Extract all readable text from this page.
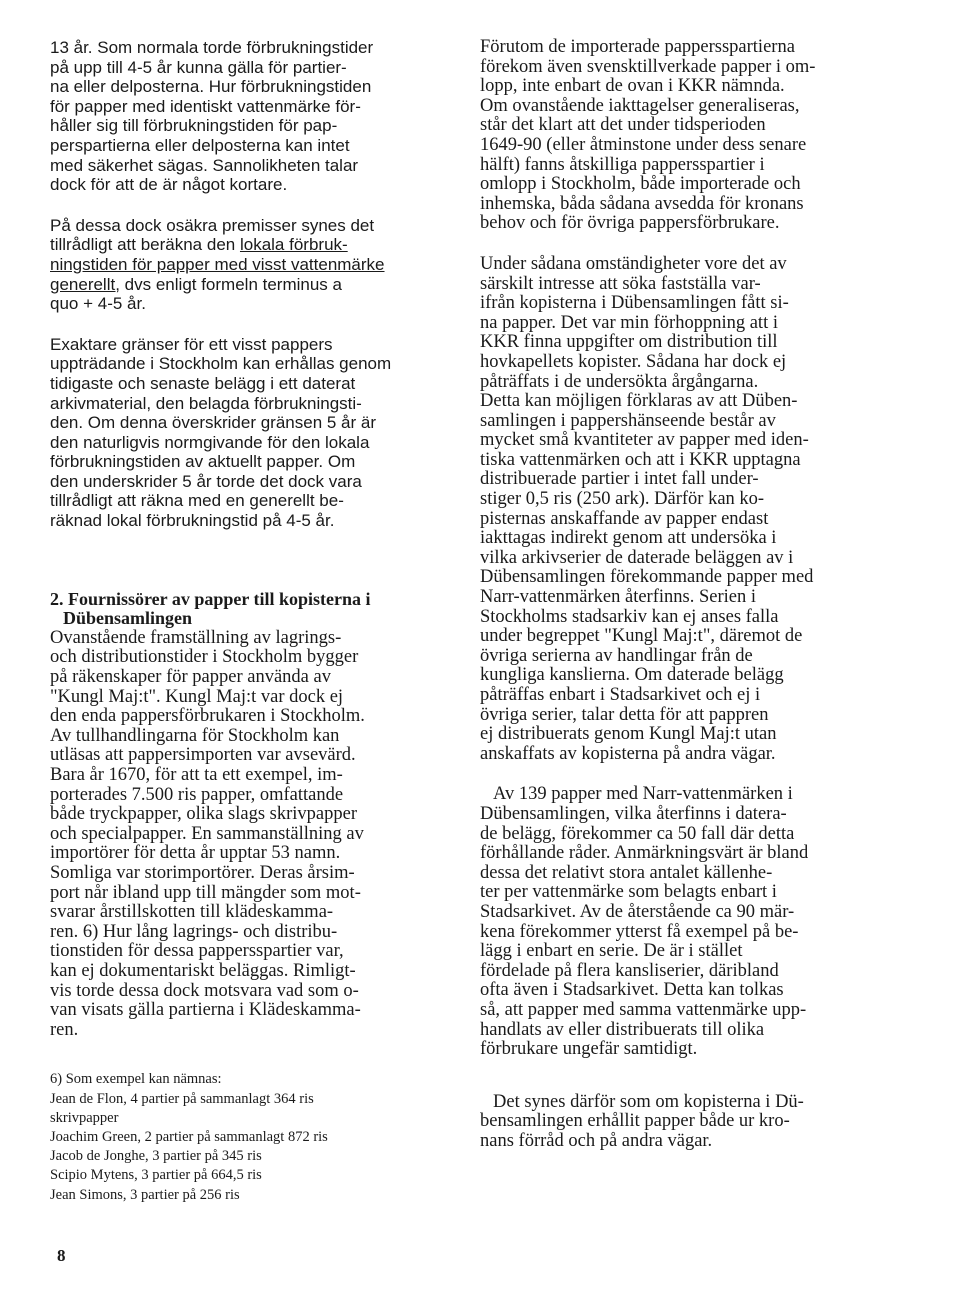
13 år. Som normala torde förbrukningstider
på upp till 4-5 år kunna gälla för partier-
na eller delposterna. Hur förbrukningstiden
för papper med identiskt vattenmärke för-
håller sig till förbrukningstiden för pap-
perspartierna eller delposterna kan intet
med säkerhet sägas. Sannolikheten talar
dock för att de är något kortare.
På dessa dock osäkra premisser synes det
tillrådligt att beräkna den lokala förbruk-
ningstiden för papper med visst vattenmärke
generellt, dvs enligt formeln terminus a
quo + 4-5 år.
Exaktare gränser för ett visst pappers
uppträdande i Stockholm kan erhållas genom
tidigaste och senaste belägg i ett daterat
arkivmaterial, den belagda förbrukningsti-
den. Om denna överskrider gränsen 5 år är
den naturligvis normgivande för den lokala
förbrukningstiden av aktuellt papper. Om
den underskrider 5 år torde det dock vara
tillrådligt att räkna med en generellt be-
räknad lokal förbrukningstid på 4-5 år.
2. Fournissörer av papper till kopisterna i
Dübensamlingen
Ovanstående framställning av lagrings-
och distributionstider i Stockholm bygger
på räkenskaper för papper använda av
"Kungl Maj:t". Kungl Maj:t var dock ej
den enda pappersförbrukaren i Stockholm.
Av tullhandlingarna för Stockholm kan
utläsas att pappersimporten var avsevärd.
Bara år 1670, för att ta ett exempel, im-
porterades 7.500 ris papper, omfattande
både tryckpapper, olika slags skrivpapper
och specialpapper. En sammanställning av
importörer för detta år upptar 53 namn.
Somliga var storimportörer. Deras årsim-
port når ibland upp till mängder som mot-
svarar årstillskotten till klädeskamma-
ren. 6) Hur lång lagrings- och distribu-
tionstiden för dessa pappersspartier var,
kan ej dokumentariskt beläggas. Rimligt-
vis torde dessa dock motsvara vad som o-
van visats gälla partierna i Klädeskamma-
ren.
6) Som exempel kan nämnas:
Jean de Flon, 4 partier på sammanlagt 364 ris
skrivpapper
Joachim Green, 2 partier på sammanlagt 872 ris
Jacob de Jonghe, 3 partier på 345 ris
Scipio Mytens, 3 partier på 664,5 ris
Jean Simons, 3 partier på 256 ris
Förutom de importerade pappersspartierna
förekom även svensktillverkade papper i om-
lopp, inte enbart de ovan i KKR nämnda.
Om ovanstående iakttagelser generaliseras,
står det klart att det under tidsperioden
1649-90 (eller åtminstone under dess senare
hälft) fanns åtskilliga pappersspartier i
omlopp i Stockholm, både importerade och
inhemska, båda sådana avsedda för kronans
behov och för övriga pappersförbrukare.
Under sådana omständigheter vore det av
särskilt intresse att söka fastställa var-
ifrån kopisterna i Dübensamlingen fått si-
na papper. Det var min förhoppning att i
KKR finna uppgifter om distribution till
hovkapellets kopister. Sådana har dock ej
påträffats i de undersökta årgångarna.
Detta kan möjligen förklaras av att Düben-
samlingen i pappershänseende består av
mycket små kvantiteter av papper med iden-
tiska vattenmärken och att i KKR upptagna
distribuerade partier i intet fall under-
stiger 0,5 ris (250 ark). Därför kan ko-
pisternas anskaffande av papper endast
iakttagas indirekt genom att undersöka i
vilka arkivserier de daterade beläggen av i
Dübensamlingen förekommande papper med
Narr-vattenmärken återfinns. Serien i
Stockholms stadsarkiv kan ej anses falla
under begreppet "Kungl Maj:t", däremot de
övriga serierna av handlingar från de
kungliga kanslierna. Om daterade belägg
påträffas enbart i Stadsarkivet och ej i
övriga serier, talar detta för att pappren
ej distribuerats genom Kungl Maj:t utan
anskaffats av kopisterna på andra vägar.
Av 139 papper med Narr-vattenmärken i
Dübensamlingen, vilka återfinns i datera-
de belägg, förekommer ca 50 fall där detta
förhållande råder. Anmärkningsvärt är bland
dessa det relativt stora antalet källenhe-
ter per vattenmärke som belagts enbart i
Stadsarkivet. Av de återstående ca 90 mär-
kena förekommer ytterst få exempel på be-
lägg i enbart en serie. De är i stället
fördelade på flera kansliserier, däribland
ofta även i Stadsarkivet. Detta kan tolkas
så, att papper med samma vattenmärke upp-
handlats av eller distribuerats till olika
förbrukare ungefär samtidigt.
Det synes därför som om kopisterna i Dü-
bensamlingen erhållit papper både ur kro-
nans förråd och på andra vägar.
8
